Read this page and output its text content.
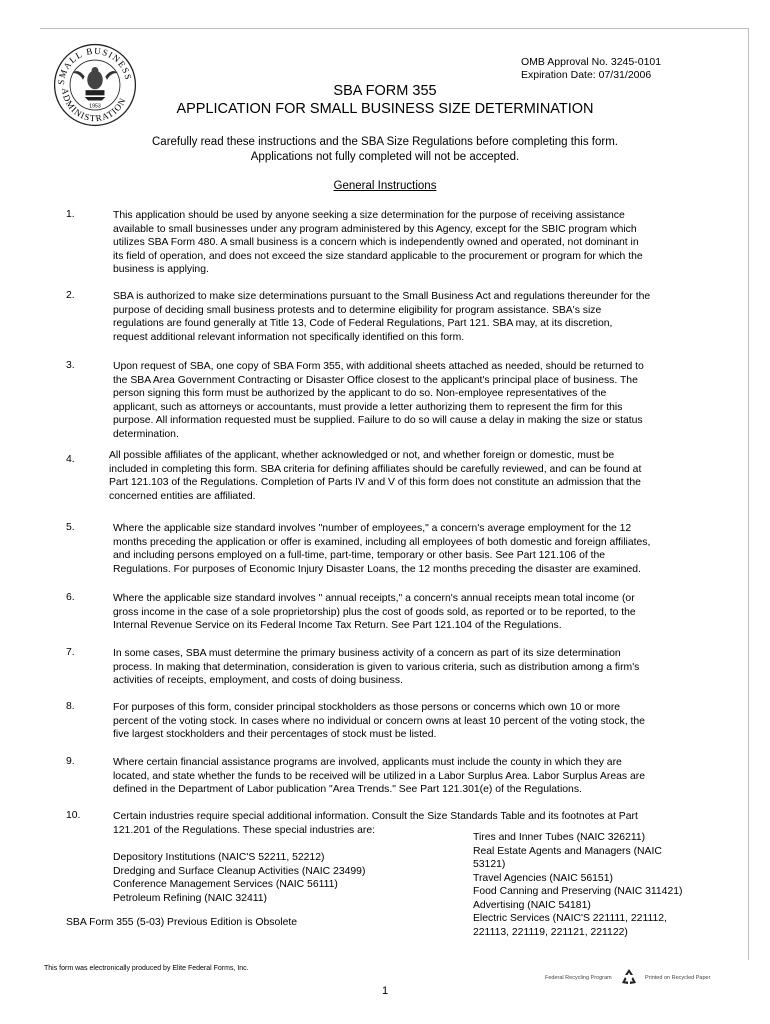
SMALL BUSINESS
ADMINISTRATION
1953
OMB Approval No. 3245-0101
Expiration Date: 07/31/2006
SBA FORM 355
APPLICATION FOR SMALL BUSINESS SIZE DETERMINATION
Carefully read these instructions and the SBA Size Regulations before completing this form.
Applications not fully completed will not be accepted.
General Instructions
1.	This application should be used by anyone seeking a size determination for the purpose of receiving assistance
available to small businesses under any program administered by this Agency, except for the SBIC program which
utilizes SBA Form 480. A small business is a concern which is independently owned and operated, not dominant in
its field of operation, and does not exceed the size standard applicable to the procurement or program for which the
business is applying.
2.	SBA is authorized to make size determinations pursuant to the Small Business Act and regulations thereunder for the
purpose of deciding small business protests and to determine eligibility for program assistance. SBA's size
regulations are found generally at Title 13, Code of Federal Regulations, Part 121. SBA may, at its discretion,
request additional relevant information not specifically identified on this form.
3.	Upon request of SBA, one copy of SBA Form 355, with additional sheets attached as needed, should be returned to
the SBA Area Government Contracting or Disaster Office closest to the applicant's principal place of business. The
person signing this form must be authorized by the applicant to do so. Non-employee representatives of the
applicant, such as attorneys or accountants, must provide a letter authorizing them to represent the firm for this
purpose. All information requested must be supplied. Failure to do so will cause a delay in making the size or status
determination.
4.	All possible affiliates of the applicant, whether acknowledged or not, and whether foreign or domestic, must be
included in completing this form. SBA criteria for defining affiliates should be carefully reviewed, and can be found at
Part 121.103 of the Regulations. Completion of Parts IV and V of this form does not constitute an admission that the
concerned entities are affiliated.
5.	Where the applicable size standard involves "number of employees," a concern's average employment for the 12
months preceding the application or offer is examined, including all employees of both domestic and foreign affiliates,
and including persons employed on a full-time, part-time, temporary or other basis. See Part 121.106 of the
Regulations. For purposes of Economic Injury Disaster Loans, the 12 months preceding the disaster are examined.
6.	Where the applicable size standard involves " annual receipts," a concern's annual receipts mean total income (or
gross income in the case of a sole proprietorship) plus the cost of goods sold, as reported or to be reported, to the
Internal Revenue Service on its Federal Income Tax Return. See Part 121.104 of the Regulations.
7.	In some cases, SBA must determine the primary business activity of a concern as part of its size determination
process. In making that determination, consideration is given to various criteria, such as distribution among a firm's
activities of receipts, employment, and costs of doing business.
8.	For purposes of this form, consider principal stockholders as those persons or concerns which own 10 or more
percent of the voting stock. In cases where no individual or concern owns at least 10 percent of the voting stock, the
five largest stockholders and their percentages of stock must be listed.
9.	Where certain financial assistance programs are involved, applicants must include the county in which they are
located, and state whether the funds to be received will be utilized in a Labor Surplus Area. Labor Surplus Areas are
defined in the Department of Labor publication "Area Trends." See Part 121.301(e) of the Regulations.
10.	Certain industries require special additional information. Consult the Size Standards Table and its footnotes at Part
121.201 of the Regulations. These special industries are:
Depository Institutions (NAIC'S 52211, 52212)
Dredging and Surface Cleanup Activities (NAIC 23499)
Conference Management Services (NAIC 56111)
Petroleum Refining (NAIC 32411)
Tires and Inner Tubes (NAIC 326211)
Real Estate Agents and Managers (NAIC
53121)
Travel Agencies (NAIC 56151)
Food Canning and Preserving (NAIC 311421)
Advertising (NAIC 54181)
Electric Services (NAIC'S 221111, 221112,
221113, 221119, 221121, 221122)
SBA Form 355 (5-03) Previous Edition is Obsolete
This form was electronically produced by Elite Federal Forms, Inc.
Federal Recycling Program	Printed on Recycled Paper
1
